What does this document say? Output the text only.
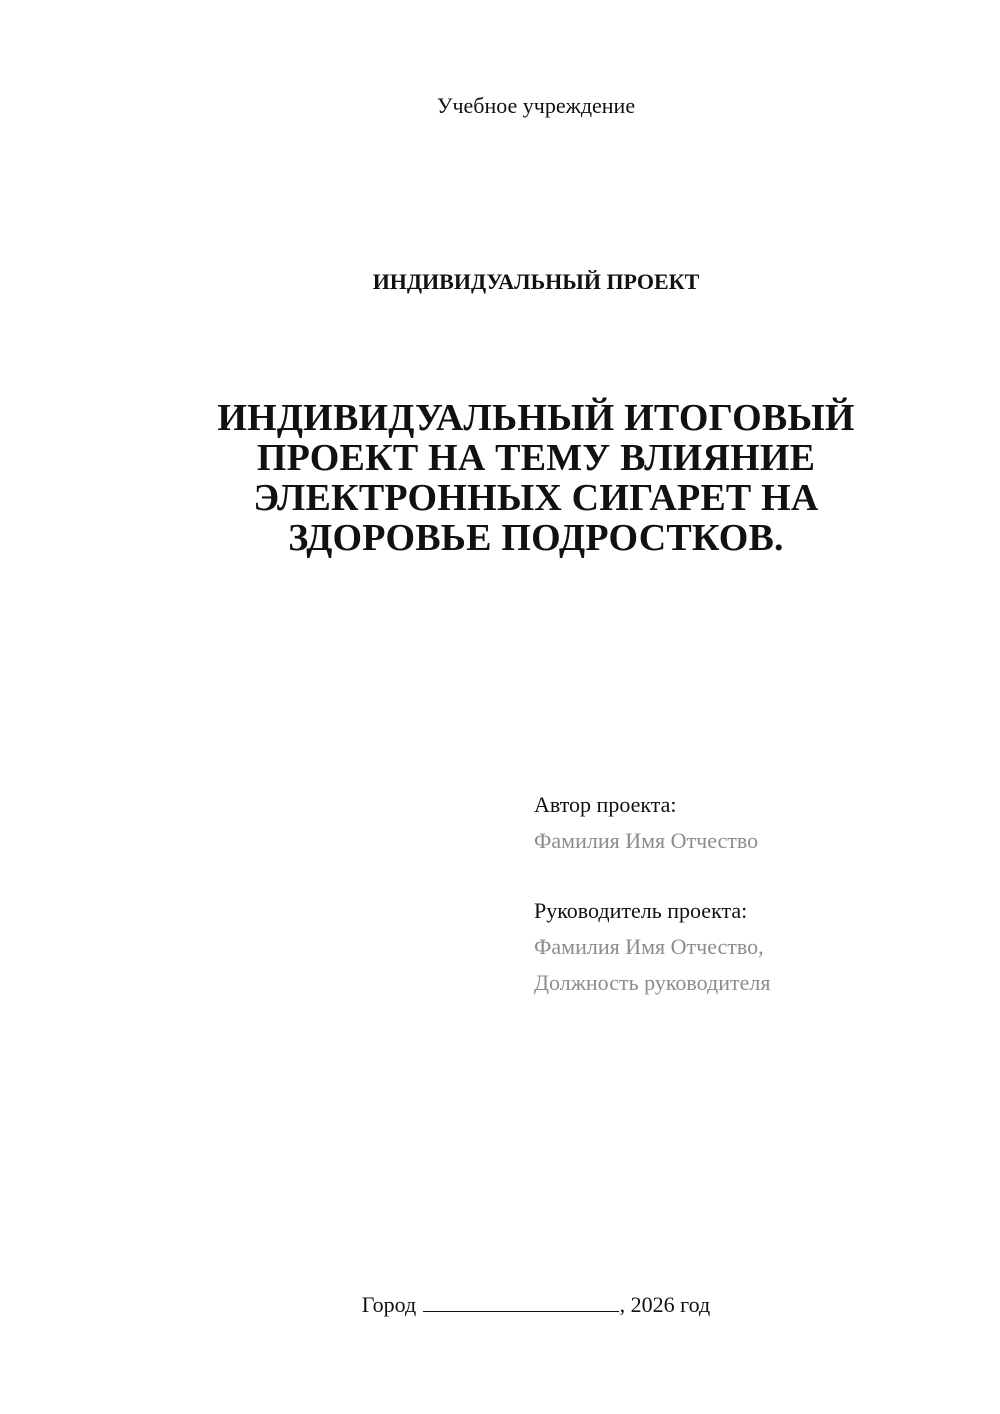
Учебное учреждение
ИНДИВИДУАЛЬНЫЙ ПРОЕКТ
ИНДИВИДУАЛЬНЫЙ ИТОГОВЫЙ
ПРОЕКТ НА ТЕМУ ВЛИЯНИЕ
ЭЛЕКТРОННЫХ СИГАРЕТ НА
ЗДОРОВЬЕ ПОДРОСТКОВ.
Автор проекта:
Фамилия Имя Отчество
Руководитель проекта:
Фамилия Имя Отчество,
Должность руководителя
Город	, 2026 год
